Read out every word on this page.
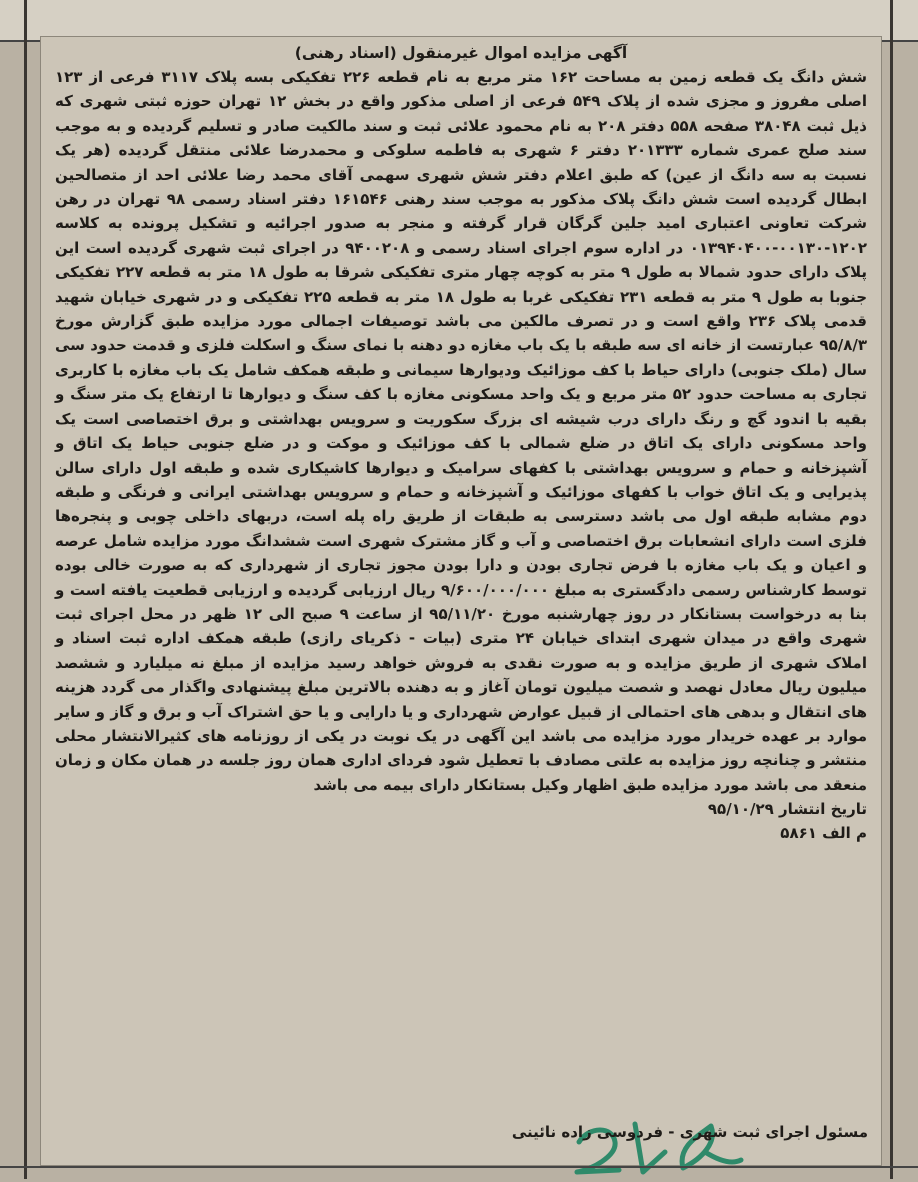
آگهی مزایده اموال غیرمنقول (اسناد رهنی)

شش دانگ یک قطعه زمین به مساحت ۱۶۲ متر مربع به نام قطعه ۲۲۶ تفکیکی بسه پلاک ۳۱۱۷ فرعی از ۱۲۳ اصلی مفروز و مجزی شده از پلاک ۵۴۹ فرعی از اصلی مذکور واقع در بخش ۱۲ تهران حوزه ثبتی شهری که ذیل ثبت ۳۸۰۴۸ صفحه ۵۵۸ دفتر ۲۰۸ به نام محمود علائی ثبت و سند مالکیت صادر و تسلیم گردیده و به موجب سند صلح عمری شماره ۲۰۱۳۳۳ دفتر ۶ شهری به فاطمه سلوکی و محمدرضا علائی منتقل گردیده (هر یک نسبت به سه دانگ از عین) که طبق اعلام دفتر شش شهری سهمی آقای محمد رضا علائی احد از متصالحین ابطال گردیده است شش دانگ پلاک مذکور به موجب سند رهنی ۱۶۱۵۴۶ دفتر اسناد رسمی ۹۸ تهران در رهن شرکت تعاونی اعتباری امید جلین گرگان قرار گرفته و منجر به صدور اجرائیه و تشکیل پرونده به کلاسه ۱۲۰۲-۰۰۱۳۰-۰۱۳۹۴۰۴۰۰ در اداره سوم اجرای اسناد رسمی و ۹۴۰۰۲۰۸ در اجرای ثبت شهری گردیده است این پلاک دارای حدود شمالا به طول ۹ متر به کوچه چهار متری تفکیکی شرقا به طول ۱۸ متر به قطعه ۲۲۷ تفکیکی جنوبا به طول ۹ متر به قطعه ۲۳۱ تفکیکی غربا به طول ۱۸ متر به قطعه ۲۲۵ تفکیکی و در شهری خیابان شهید قدمی پلاک ۲۳۶ واقع است و در تصرف مالکین می باشد توصیفات اجمالی مورد مزایده طبق گزارش مورخ ۹۵/۸/۳ عبارتست از خانه ای سه طبقه با یک باب مغازه دو دهنه با نمای سنگ و اسکلت فلزی و قدمت حدود سی سال (ملک جنوبی) دارای حیاط با کف موزائیک ودیوارها سیمانی و طبقه همکف شامل یک باب مغازه با کاربری تجاری به مساحت حدود ۵۲ متر مربع و یک واحد مسکونی مغازه با کف سنگ و دیوارها تا ارتفاع یک متر سنگ و بقیه با اندود گچ و رنگ دارای درب شیشه ای بزرگ سکوریت و سرویس بهداشتی و برق اختصاصی است یک واحد مسکونی دارای یک اتاق در ضلع شمالی با کف موزائیک و موکت و در ضلع جنوبی حیاط یک اتاق و آشپزخانه و حمام و سرویس بهداشتی با کفهای سرامیک و دیوارها کاشیکاری شده و طبقه اول دارای سالن پذیرایی و یک اتاق خواب با کفهای موزائیک و آشپزخانه و حمام و سرویس بهداشتی ایرانی و فرنگی و طبقه دوم مشابه طبقه اول می باشد دسترسی به طبقات از طریق راه پله است، دربهای داخلی چوبی و پنجره‌ها فلزی است دارای انشعابات برق اختصاصی و آب و گاز مشترک شهری است ششدانگ مورد مزایده شامل عرصه و اعیان و یک باب مغازه با فرض تجاری بودن و دارا بودن مجوز تجاری از شهرداری که به صورت خالی بوده توسط کارشناس رسمی دادگستری به مبلغ ۹/۶۰۰/۰۰۰/۰۰۰ ریال ارزیابی گردیده و ارزیابی قطعیت یافته است و بنا به درخواست بستانکار در روز چهارشنبه مورخ ۹۵/۱۱/۲۰ از ساعت ۹ صبح الی ۱۲ ظهر در محل اجرای ثبت شهری واقع در میدان شهری ابتدای خیابان ۲۴ متری (بیات - ذکریای رازی) طبقه همکف اداره ثبت اسناد و املاک شهری از طریق مزایده و به صورت نقدی به فروش خواهد رسید مزایده از مبلغ نه میلیارد و ششصد میلیون ریال معادل نهصد و شصت میلیون تومان آغاز و به دهنده بالاترین مبلغ پیشنهادی واگذار می گردد هزینه های انتقال و بدهی های احتمالی از قبیل عوارض شهرداری و یا دارایی و یا حق اشتراک آب و برق و گاز و سایر موارد بر عهده خریدار مورد مزایده می باشد این آگهی در یک نوبت در یکی از روزنامه های کثیرالانتشار محلی منتشر و چنانچه روز مزایده به علتی مصادف با تعطیل شود فردای اداری همان روز جلسه در همان مکان و زمان منعقد می باشد مورد مزایده طبق اظهار وکیل بستانکار دارای بیمه می باشد

تاریخ انتشار ۹۵/۱۰/۲۹
م الف ۵۸۶۱
مسئول اجرای ثبت شهری - فردوسی زاده نائینی
